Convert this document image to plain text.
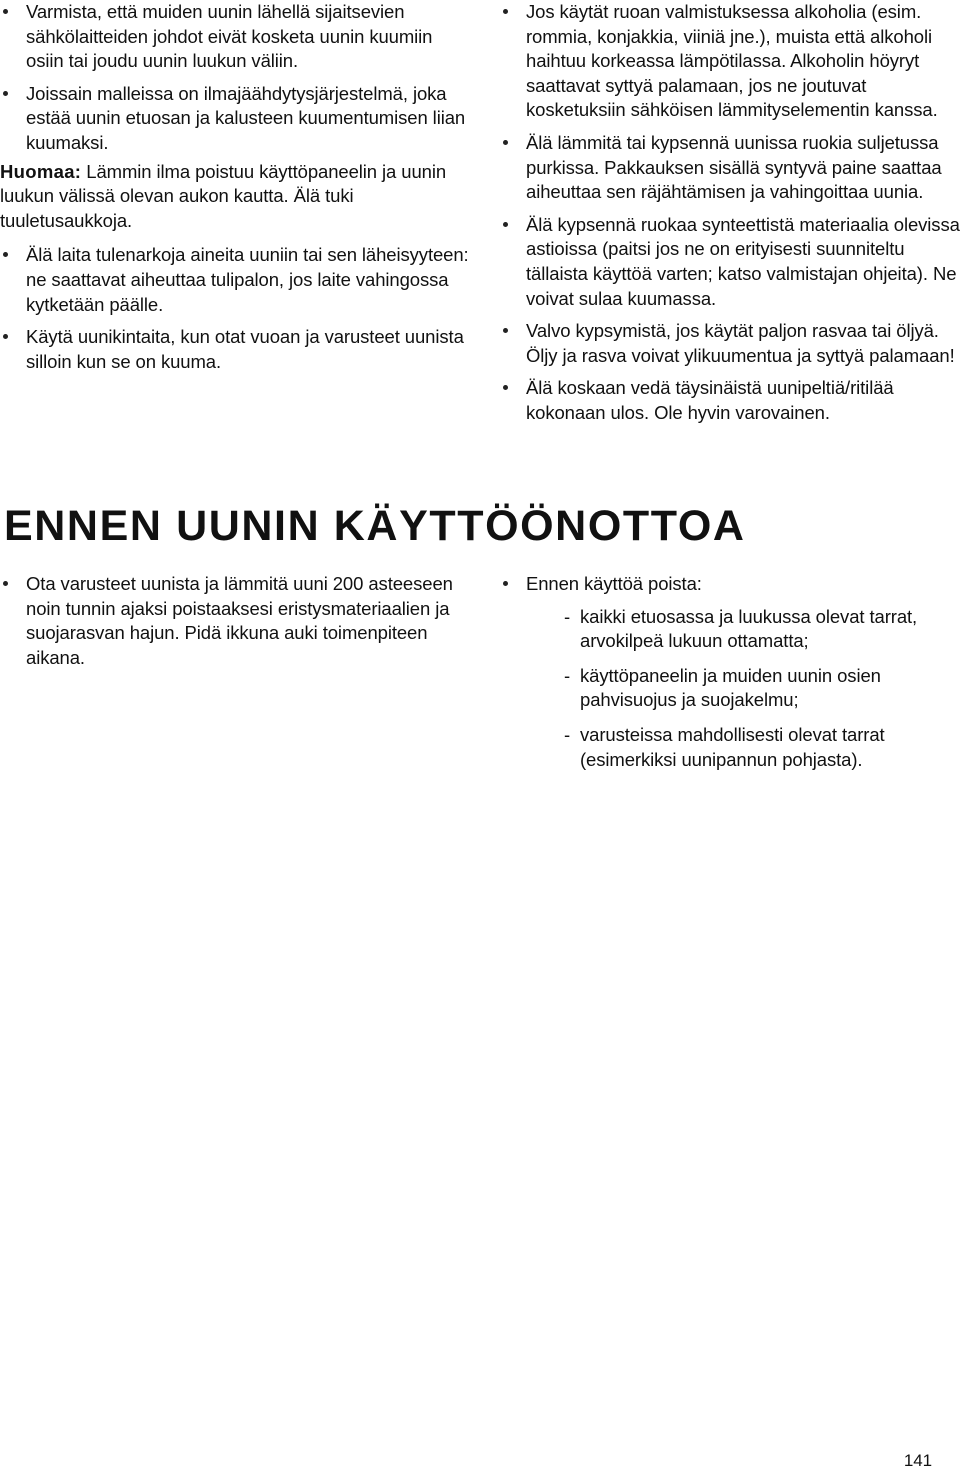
Varmista, että muiden uunin lähellä sijaitsevien sähkölaitteiden johdot eivät kosketa uunin kuumiin osiin tai joudu uunin luukun väliin.
Joissain malleissa on ilmajäähdytysjärjestelmä, joka estää uunin etuosan ja kalusteen kuumentumisen liian kuumaksi.

Huomaa: Lämmin ilma poistuu käyttöpaneelin ja uunin luukun välissä olevan aukon kautta. Älä tuki tuuletusaukkoja.

Älä laita tulenarkoja aineita uuniin tai sen läheisyyteen: ne saattavat aiheuttaa tulipalon, jos laite vahingossa kytketään päälle.
Käytä uunikintaita, kun otat vuoan ja varusteet uunista silloin kun se on kuuma.
Jos käytät ruoan valmistuksessa alkoholia (esim. rommia, konjakkia, viiniä jne.), muista että alkoholi haihtuu korkeassa lämpötilassa. Alkoholin höyryt saattavat syttyä palamaan, jos ne joutuvat kosketuksiin sähköisen lämmityselementin kanssa.
Älä lämmitä tai kypsennä uunissa ruokia suljetussa purkissa. Pakkauksen sisällä syntyvä paine saattaa aiheuttaa sen räjähtämisen ja vahingoittaa uunia.
Älä kypsennä ruokaa synteettistä materiaalia olevissa astioissa (paitsi jos ne on erityisesti suunniteltu tällaista käyttöä varten; katso valmistajan ohjeita). Ne voivat sulaa kuumassa.
Valvo kypsymistä, jos käytät paljon rasvaa tai öljyä. Öljy ja rasva voivat ylikuumentua ja syttyä palamaan!
Älä koskaan vedä täysinäistä uunipeltiä/ritilää kokonaan ulos. Ole hyvin varovainen.
ENNEN UUNIN KÄYTTÖÖNOTTOA
Ota varusteet uunista ja lämmitä uuni 200 asteeseen noin tunnin ajaksi poistaaksesi eristysmateriaalien ja suojarasvan hajun. Pidä ikkuna auki toimenpiteen aikana.
Ennen käyttöä poista:
- kaikki etuosassa ja luukussa olevat tarrat, arvokilpeä lukuun ottamatta;
- käyttöpaneelin ja muiden uunin osien pahvisuojus ja suojakelmu;
- varusteissa mahdollisesti olevat tarrat (esimerkiksi uunipannun pohjasta).

141
